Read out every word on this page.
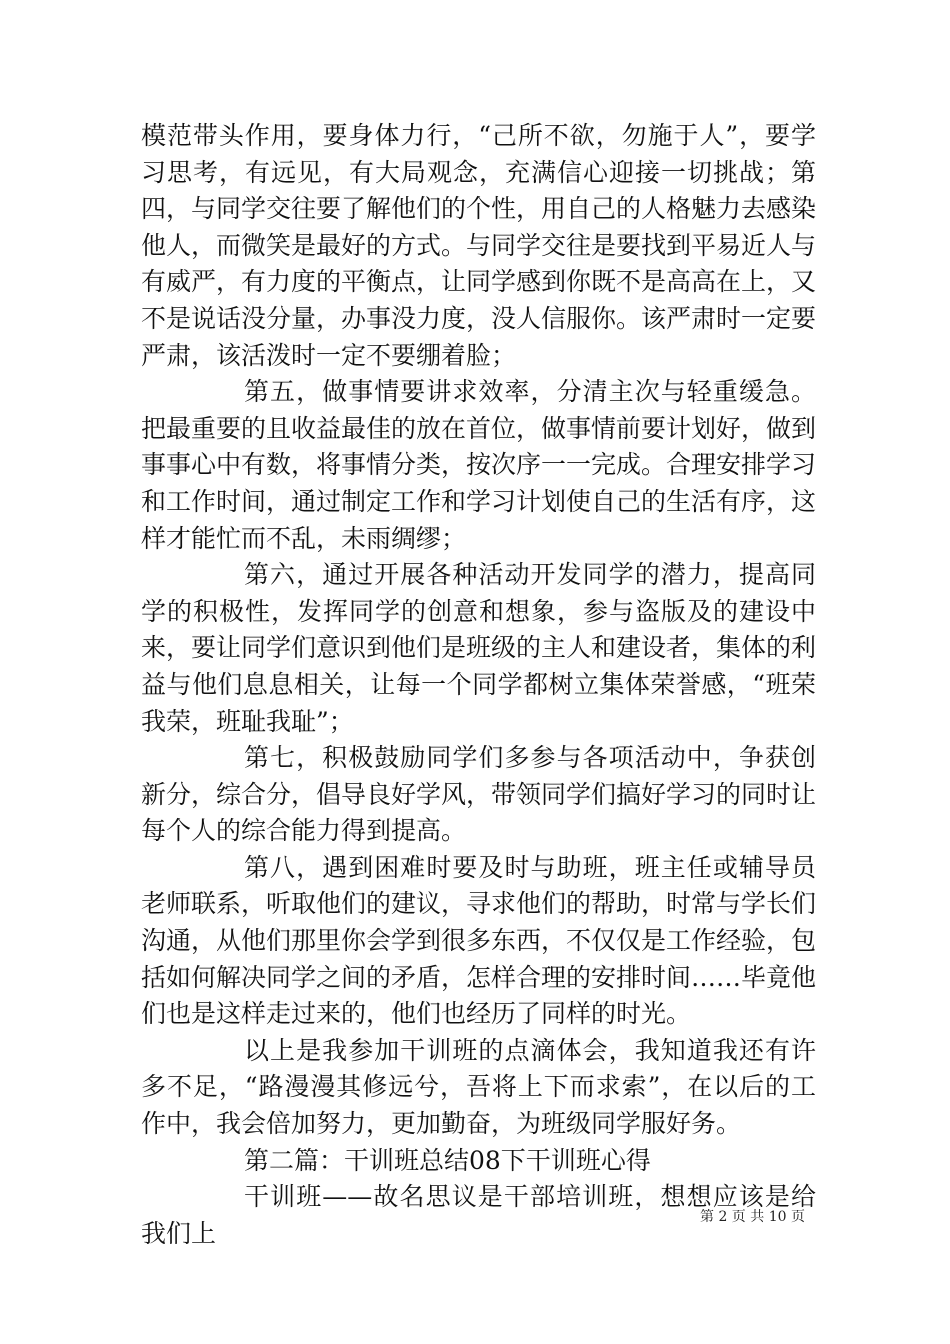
模范带头作用，要身体力行，“己所不欲，勿施于人”，要学习思考，有远见，有大局观念，充满信心迎接一切挑战；第四，与同学交往要了解他们的个性，用自己的人格魅力去感染他人，而微笑是最好的方式。与同学交往是要找到平易近人与有威严，有力度的平衡点，让同学感到你既不是高高在上，又不是说话没分量，办事没力度，没人信服你。该严肃时一定要严肃，该活泼时一定不要绷着脸；

第五，做事情要讲求效率，分清主次与轻重缓急。把最重要的且收益最佳的放在首位，做事情前要计划好，做到事事心中有数，将事情分类，按次序一一完成。合理安排学习和工作时间，通过制定工作和学习计划使自己的生活有序，这样才能忙而不乱，未雨绸缪；

第六，通过开展各种活动开发同学的潜力，提高同学的积极性，发挥同学的创意和想象，参与盗版及的建设中来，要让同学们意识到他们是班级的主人和建设者，集体的利益与他们息息相关，让每一个同学都树立集体荣誉感，“班荣我荣，班耻我耻”；

第七，积极鼓励同学们多参与各项活动中，争获创新分，综合分，倡导良好学风，带领同学们搞好学习的同时让每个人的综合能力得到提高。

第八，遇到困难时要及时与助班，班主任或辅导员老师联系，听取他们的建议，寻求他们的帮助，时常与学长们沟通，从他们那里你会学到很多东西，不仅仅是工作经验，包括如何解决同学之间的矛盾，怎样合理的安排时间……毕竟他们也是这样走过来的，他们也经历了同样的时光。

以上是我参加干训班的点滴体会，我知道我还有许多不足，“路漫漫其修远兮，吾将上下而求索”，在以后的工作中，我会倍加努力，更加勤奋，为班级同学服好务。

第二篇：干训班总结08下干训班心得

干训班——故名思议是干部培训班，想想应该是给我们上

第 2 页 共 10 页
